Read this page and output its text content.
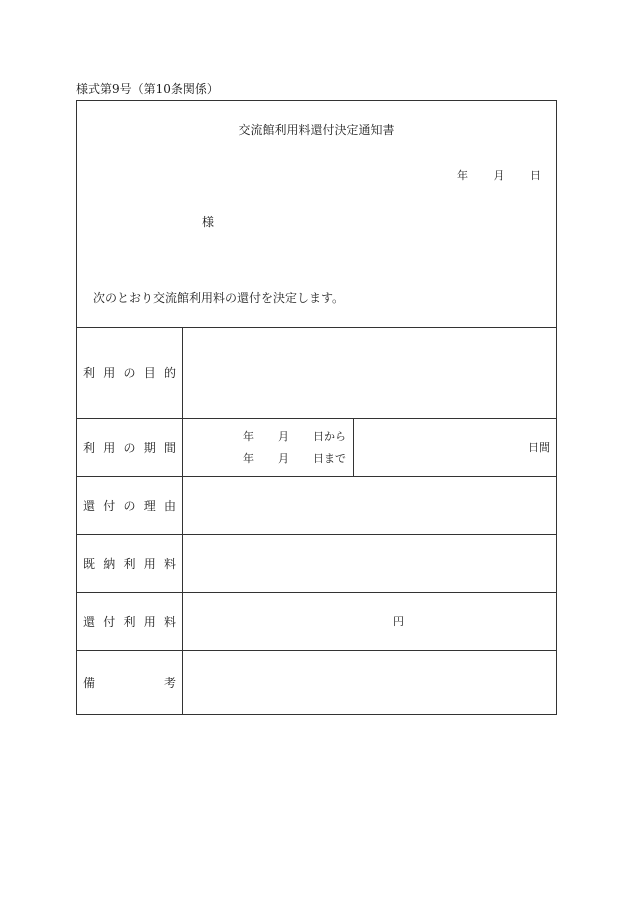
様式第9号（第10条関係）
交流館利用料還付決定通知書
年 月 日
様
次のとおり交流館利用料の還付を決定します。
利 用 の 目 的
利 用 の 期 間
年 月 日から
年 月 日まで
日間
還 付 の 理 由
既 納 利 用 料
還 付 利 用 料	円
備	考
